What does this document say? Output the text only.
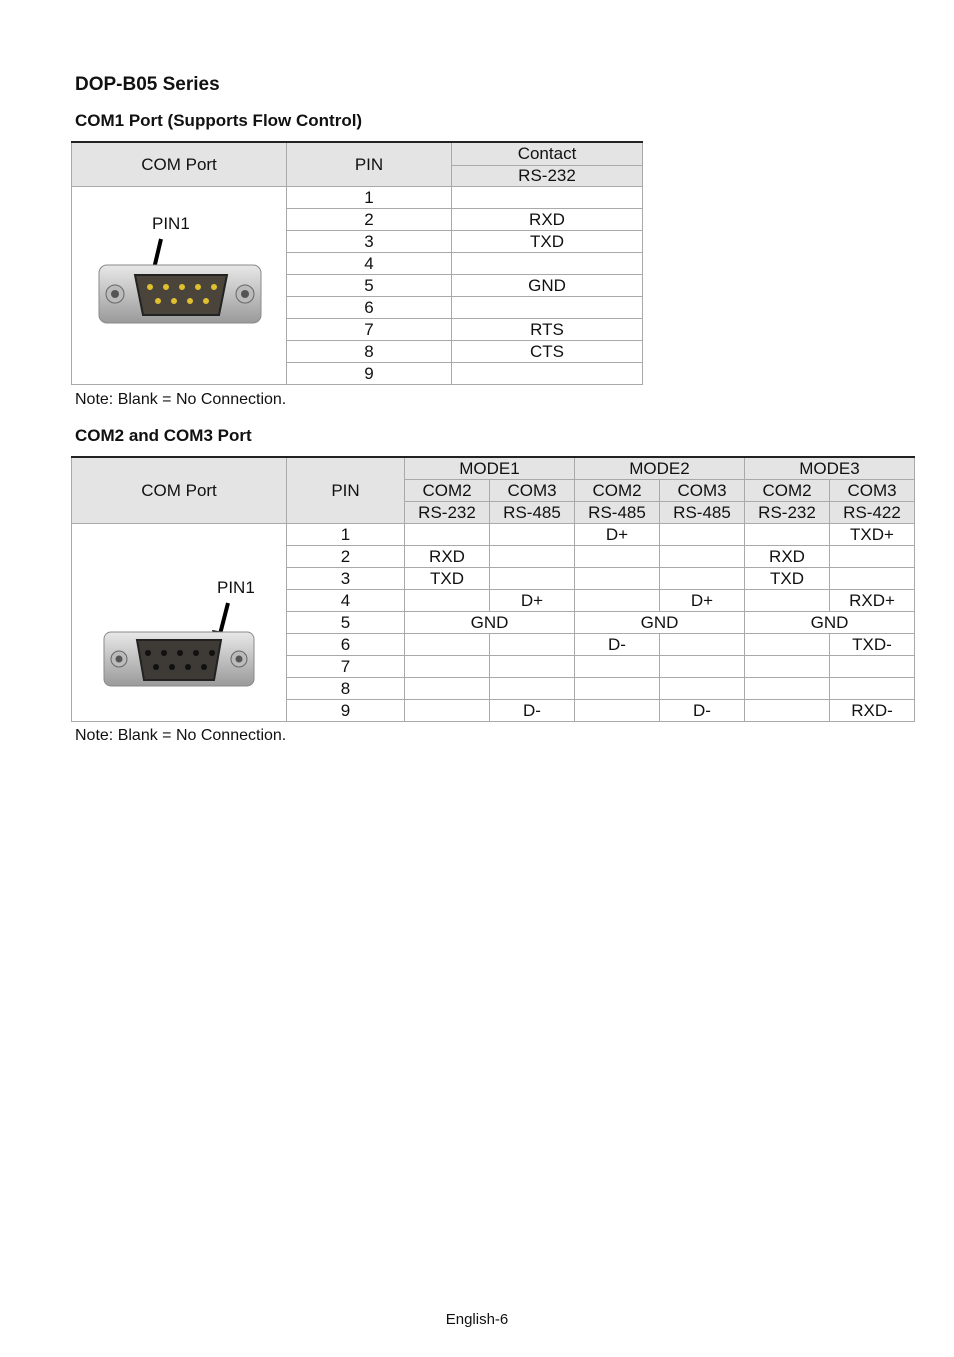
DOP-B05 Series
COM1 Port (Supports Flow Control)
COM Port	PIN	Contact
		RS-232

PIN1	1	
	2	RXD
	3	TXD
	4	
	5	GND
	6	
	7	RTS
	8	CTS
	9	

Note: Blank = No Connection.

COM2 and COM3 Port
COM Port	PIN	MODE1		MODE2		MODE3	
		COM2	COM3	COM2	COM3	COM2	COM3
		RS-232	RS-485	RS-485	RS-485	RS-232	RS-422

PIN1	1			D+			TXD+
	2	RXD				RXD	
	3	TXD				TXD	
	4		D+		D+		RXD+
	5	GND		GND		GND	
	6			D-			TXD-
	7						
	8						
	9		D-		D-		RXD-

Note: Blank = No Connection.

English-6
